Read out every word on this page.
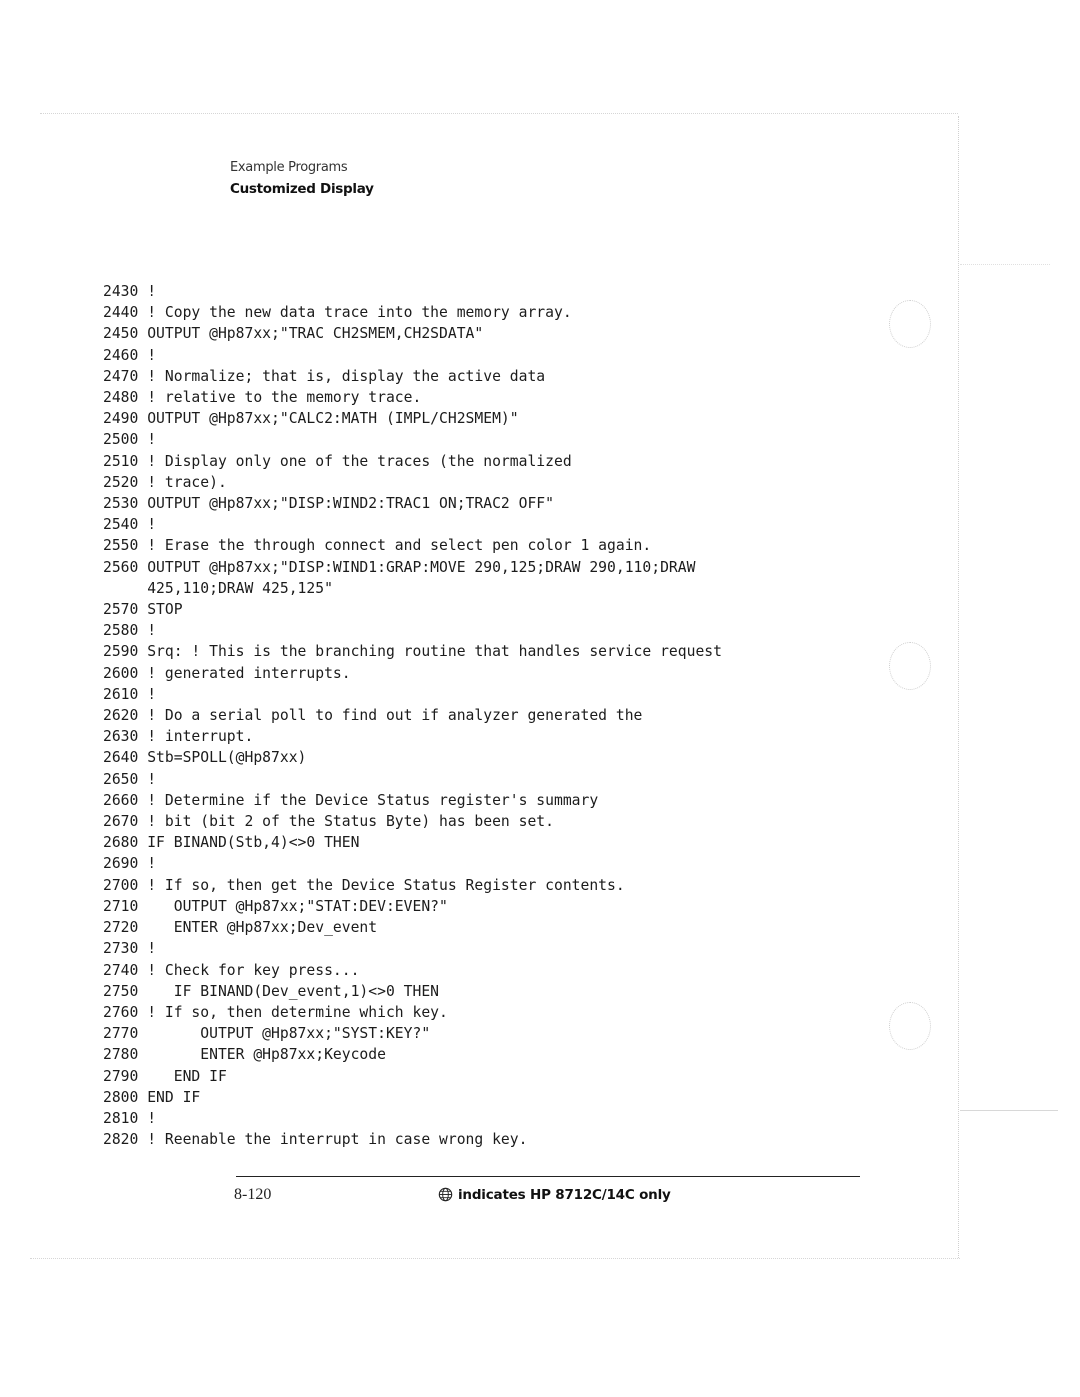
Example Programs
Customized Display
2430 !
2440 ! Copy the new data trace into the memory array.
2450 OUTPUT @Hp87xx;"TRAC CH2SMEM,CH2SDATA"
2460 !
2470 ! Normalize; that is, display the active data
2480 ! relative to the memory trace.
2490 OUTPUT @Hp87xx;"CALC2:MATH (IMPL/CH2SMEM)"
2500 !
2510 ! Display only one of the traces (the normalized
2520 ! trace).
2530 OUTPUT @Hp87xx;"DISP:WIND2:TRAC1 ON;TRAC2 OFF"
2540 !
2550 ! Erase the through connect and select pen color 1 again.
2560 OUTPUT @Hp87xx;"DISP:WIND1:GRAP:MOVE 290,125;DRAW 290,110;DRAW
425,110;DRAW 425,125"
2570 STOP
2580 !
2590 Srq: ! This is the branching routine that handles service request
2600 ! generated interrupts.
2610 !
2620 ! Do a serial poll to find out if analyzer generated the
2630 ! interrupt.
2640 Stb=SPOLL(@Hp87xx)
2650 !
2660 ! Determine if the Device Status register's summary
2670 ! bit (bit 2 of the Status Byte) has been set.
2680 IF BINAND(Stb,4)<>0 THEN
2690 !
2700 ! If so, then get the Device Status Register contents.
2710    OUTPUT @Hp87xx;"STAT:DEV:EVEN?"
2720    ENTER @Hp87xx;Dev_event
2730 !
2740 ! Check for key press...
2750    IF BINAND(Dev_event,1)<>0 THEN
2760 ! If so, then determine which key.
2770       OUTPUT @Hp87xx;"SYST:KEY?"
2780       ENTER @Hp87xx;Keycode
2790    END IF
2800 END IF
2810 !
2820 ! Reenable the interrupt in case wrong key.
8-120	indicates HP 8712C/14C only
